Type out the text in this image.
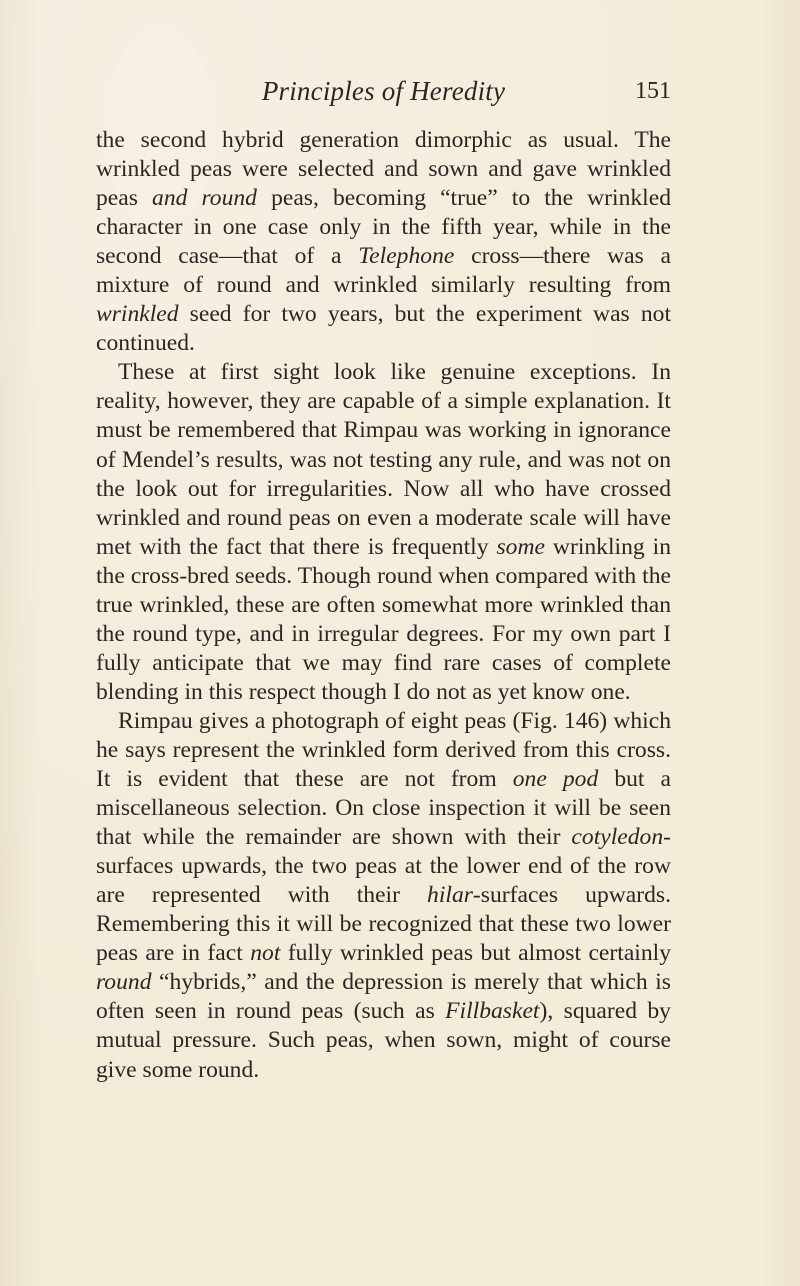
Principles of Heredity	151

the second hybrid generation dimorphic as usual. The wrinkled peas were selected and sown and gave wrinkled peas and round peas, becoming “true” to the wrinkled character in one case only in the fifth year, while in the second case—that of a Telephone cross—there was a mixture of round and wrinkled similarly resulting from wrinkled seed for two years, but the experiment was not continued.

These at first sight look like genuine exceptions. In reality, however, they are capable of a simple explanation. It must be remembered that Rimpau was working in ignorance of Mendel’s results, was not testing any rule, and was not on the look out for irregularities. Now all who have crossed wrinkled and round peas on even a moderate scale will have met with the fact that there is frequently some wrinkling in the cross-bred seeds. Though round when compared with the true wrinkled, these are often somewhat more wrinkled than the round type, and in irregular degrees. For my own part I fully anticipate that we may find rare cases of complete blending in this respect though I do not as yet know one.

Rimpau gives a photograph of eight peas (Fig. 146) which he says represent the wrinkled form derived from this cross. It is evident that these are not from one pod but a miscellaneous selection. On close inspection it will be seen that while the remainder are shown with their cotyledon-surfaces upwards, the two peas at the lower end of the row are represented with their hilar-surfaces upwards. Remembering this it will be recognized that these two lower peas are in fact not fully wrinkled peas but almost certainly round “hybrids,” and the depression is merely that which is often seen in round peas (such as Fillbasket), squared by mutual pressure. Such peas, when sown, might of course give some round.
